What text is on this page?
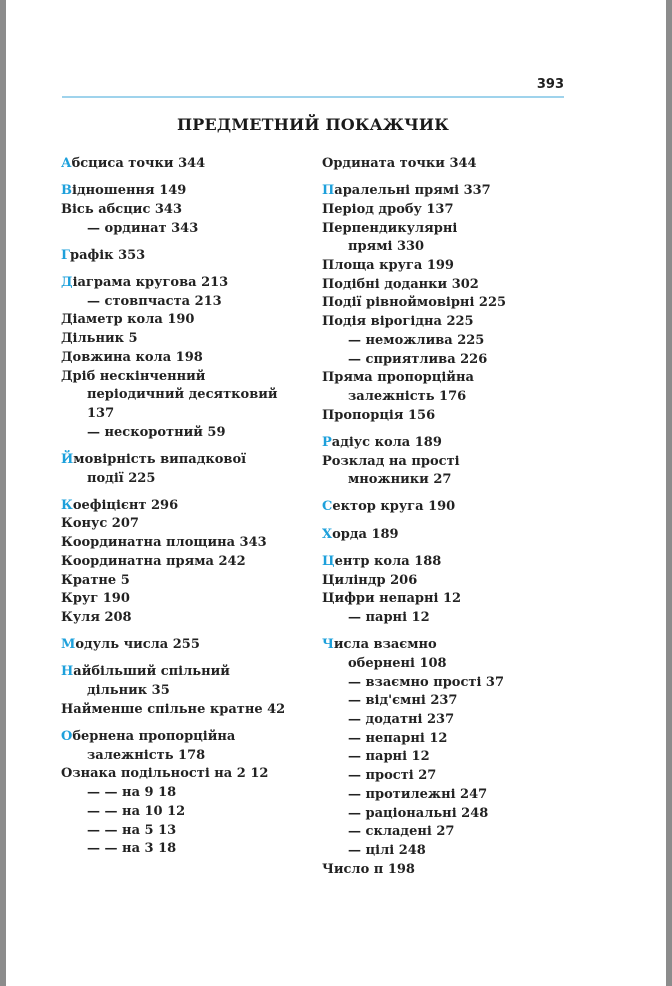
393
ПРЕДМЕТНИЙ ПОКАЖЧИК
Абсциса точки 344
Відношення 149
Вісь абсцис 343
— ординат 343
Графік 353
Діаграма кругова 213
— стовпчаста 213
Діаметр кола 190
Дільник 5
Довжина кола 198
Дріб нескінченний
періодичний десятковий
137
— нескоротний 59
Ймовірність випадкової
події 225
Коефіцієнт 296
Конус 207
Координатна площина 343
Координатна пряма 242
Кратне 5
Круг 190
Куля 208
Модуль числа 255
Найбільший спільний
дільник 35
Найменше спільне кратне 42
Обернена пропорційна
залежність 178
Ознака подільності на 2 12
— — на 9 18
— — на 10 12
— — на 5 13
— — на 3 18
Ордината точки 344
Паралельні прямі 337
Період дробу 137
Перпендикулярні
прямі 330
Площа круга 199
Подібні доданки 302
Події рівноймовірні 225
Подія вірогідна 225
— неможлива 225
— сприятлива 226
Пряма пропорційна
залежність 176
Пропорція 156
Радіус кола 189
Розклад на прості
множники 27
Сектор круга 190
Хорда 189
Центр кола 188
Циліндр 206
Цифри непарні 12
— парні 12
Числа взаємно
обернені 108
— взаємно прості 37
— від'ємні 237
— додатні 237
— непарні 12
— парні 12
— прості 27
— протилежні 247
— раціональні 248
— складені 27
— цілі 248
Число π 198
